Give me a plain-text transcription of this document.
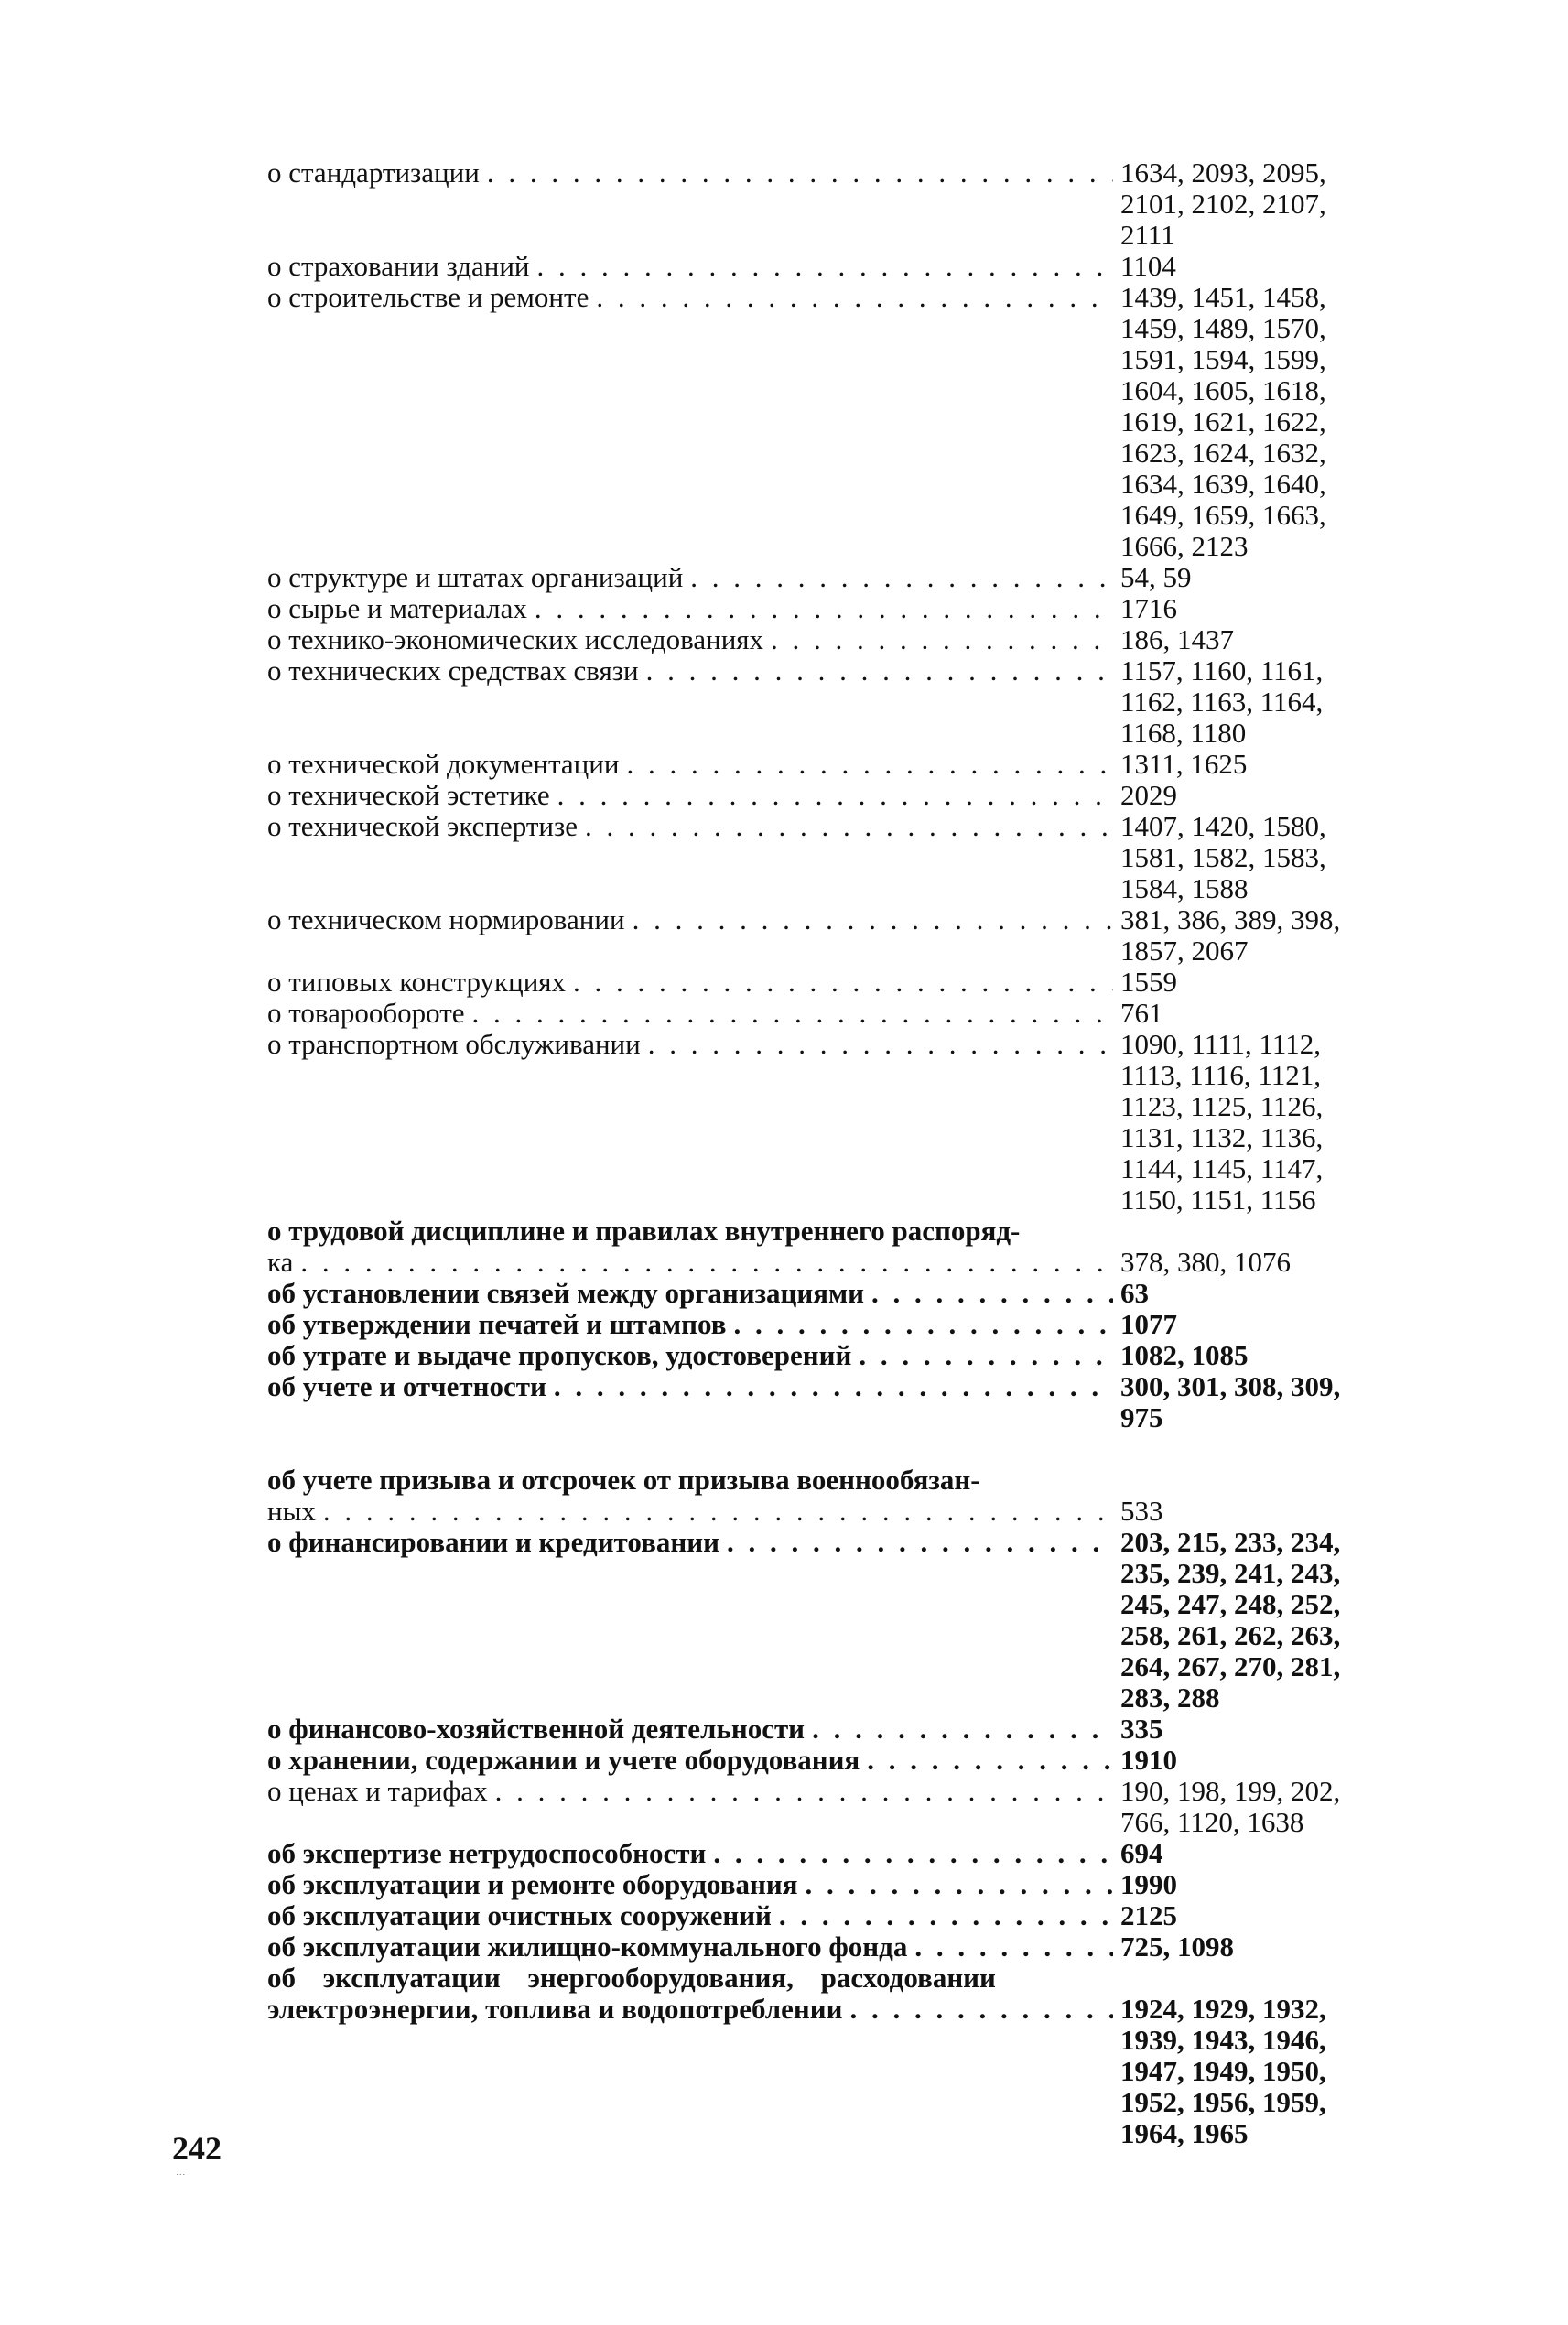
о стандартизации . . .	1634, 2093, 2095,
2101, 2102, 2107,
2111
о страховании зданий . . .	1104
о строительстве и ремонте . . .	1439, 1451, 1458,
1459, 1489, 1570,
1591, 1594, 1599,
1604, 1605, 1618,
1619, 1621, 1622,
1623, 1624, 1632,
1634, 1639, 1640,
1649, 1659, 1663,
1666, 2123
о структуре и штатах организаций . . .	54, 59
о сырье и материалах . . .	1716
о технико-экономических исследованиях . . .	186, 1437
о технических средствах связи . . .	1157, 1160, 1161,
1162, 1163, 1164,
1168, 1180
о технической документации . . .	1311, 1625
о технической эстетике . . .	2029
о технической экспертизе . . .	1407, 1420, 1580,
1581, 1582, 1583,
1584, 1588
о техническом нормировании . . .	381, 386, 389, 398,
1857, 2067
о типовых конструкциях . . .	1559
о товарообороте . . .	761
о транспортном обслуживании . . .	1090, 1111, 1112,
1113, 1116, 1121,
1123, 1125, 1126,
1131, 1132, 1136,
1144, 1145, 1147,
1150, 1151, 1156
о трудовой дисциплине и правилах внутреннего распоряд-
ка . . .	378, 380, 1076
об установлении связей между организациями . . .	63
об утверждении печатей и штампов . . .	1077
об утрате и выдаче пропусков, удостоверений . . .	1082, 1085
об учете и отчетности . . .	300, 301, 308, 309,
975
об учете призыва и отсрочек от призыва военнообязан-
ных . . .	533
о финансировании и кредитовании . . .	203, 215, 233, 234,
235, 239, 241, 243,
245, 247, 248, 252,
258, 261, 262, 263,
264, 267, 270, 281,
283, 288
о финансово-хозяйственной деятельности . . .	335
о хранении, содержании и учете оборудования . . .	1910
о ценах и тарифах . . .	190, 198, 199, 202,
766, 1120, 1638
об экспертизе нетрудоспособности . . .	694
об эксплуатации и ремонте оборудования . . .	1990
об эксплуатации очистных сооружений . . .	2125
об эксплуатации жилищно-коммунального фонда . . .	725, 1098
об эксплуатации энергооборудования, расходовании
электроэнергии, топлива и водопотреблении . . .	1924, 1929, 1932,
1939, 1943, 1946,
1947, 1949, 1950,
1952, 1956, 1959,
1964, 1965
242
...
